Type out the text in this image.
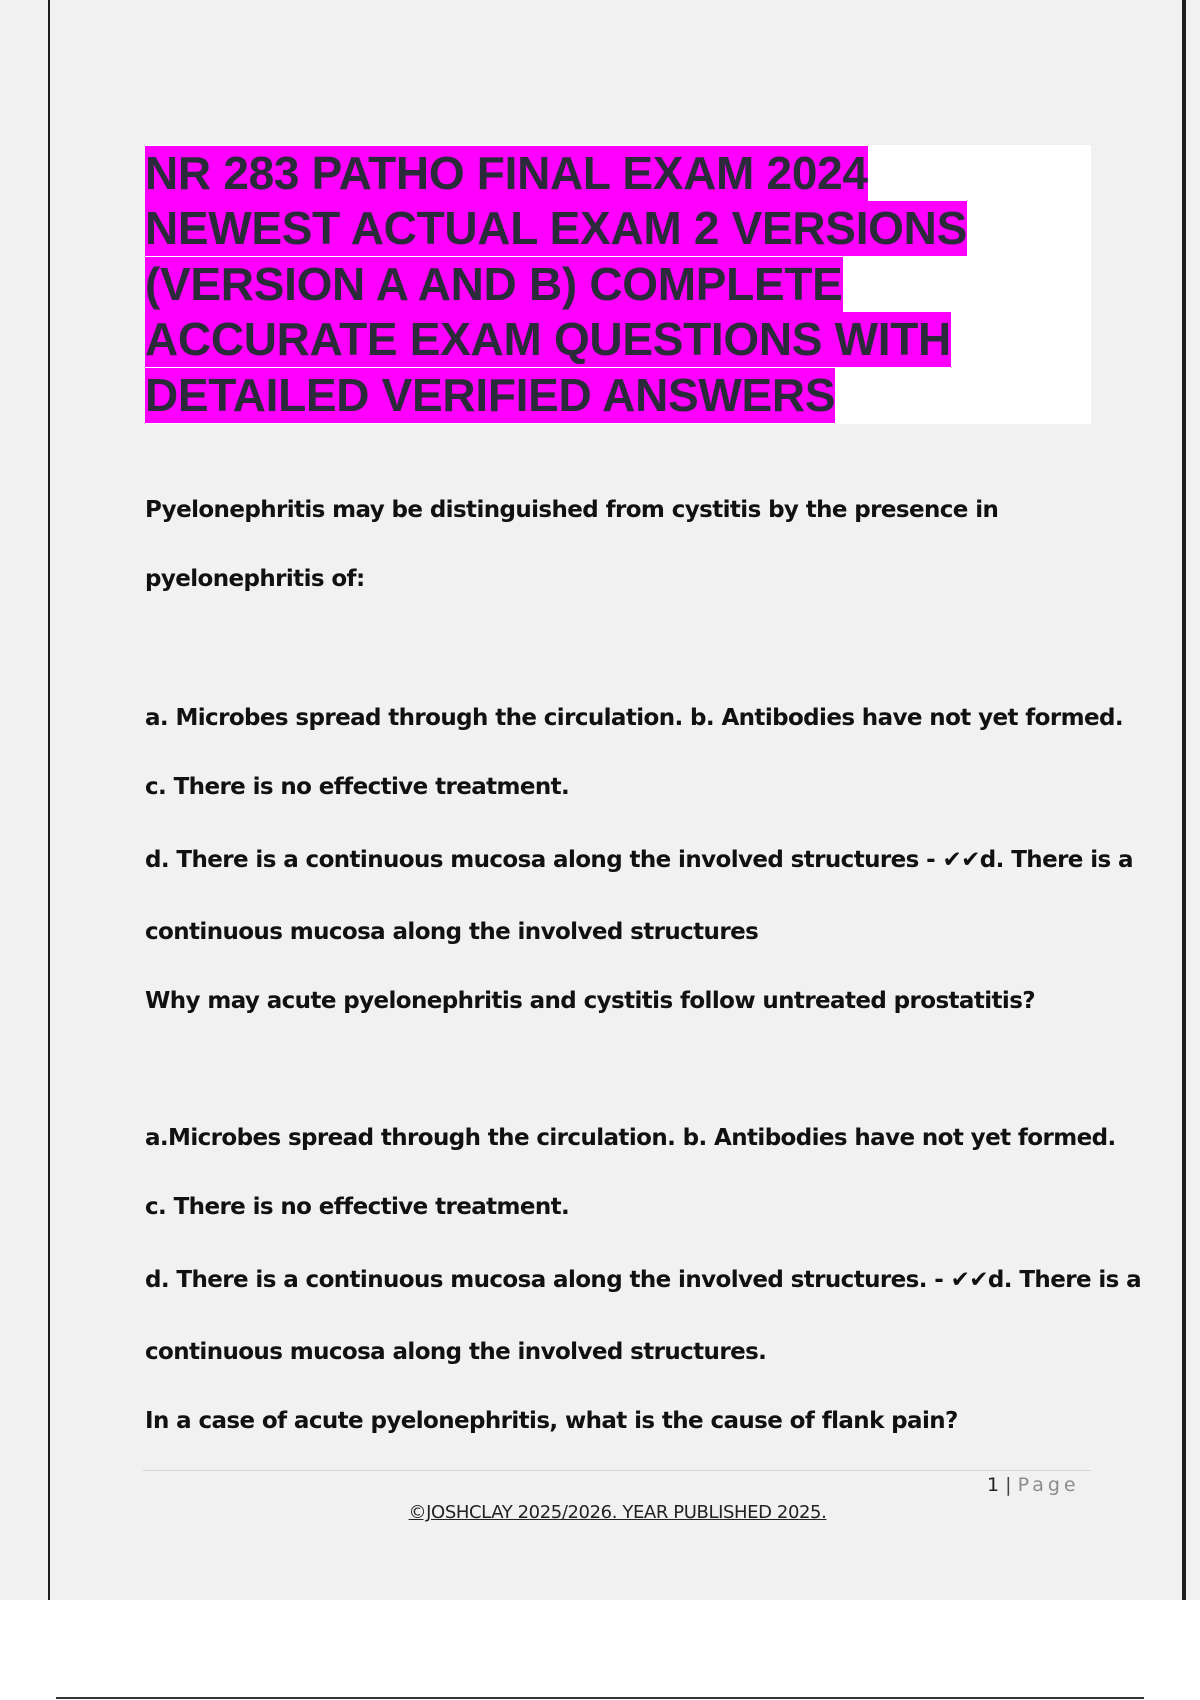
NR 283 PATHO FINAL EXAM 2024
NEWEST ACTUAL EXAM 2 VERSIONS
(VERSION A AND B) COMPLETE
ACCURATE EXAM QUESTIONS WITH
DETAILED VERIFIED ANSWERS
Pyelonephritis may be distinguished from cystitis by the presence in
pyelonephritis of:
a. Microbes spread through the circulation. b. Antibodies have not yet formed.
c. There is no effective treatment.
d. There is a continuous mucosa along the involved structures - ✔✔d. There is a
continuous mucosa along the involved structures
Why may acute pyelonephritis and cystitis follow untreated prostatitis?
a.Microbes spread through the circulation. b. Antibodies have not yet formed.
c. There is no effective treatment.
d. There is a continuous mucosa along the involved structures. - ✔✔d. There is a
continuous mucosa along the involved structures.
In a case of acute pyelonephritis, what is the cause of flank pain?
1 | Page
©JOSHCLAY 2025/2026. YEAR PUBLISHED 2025.
